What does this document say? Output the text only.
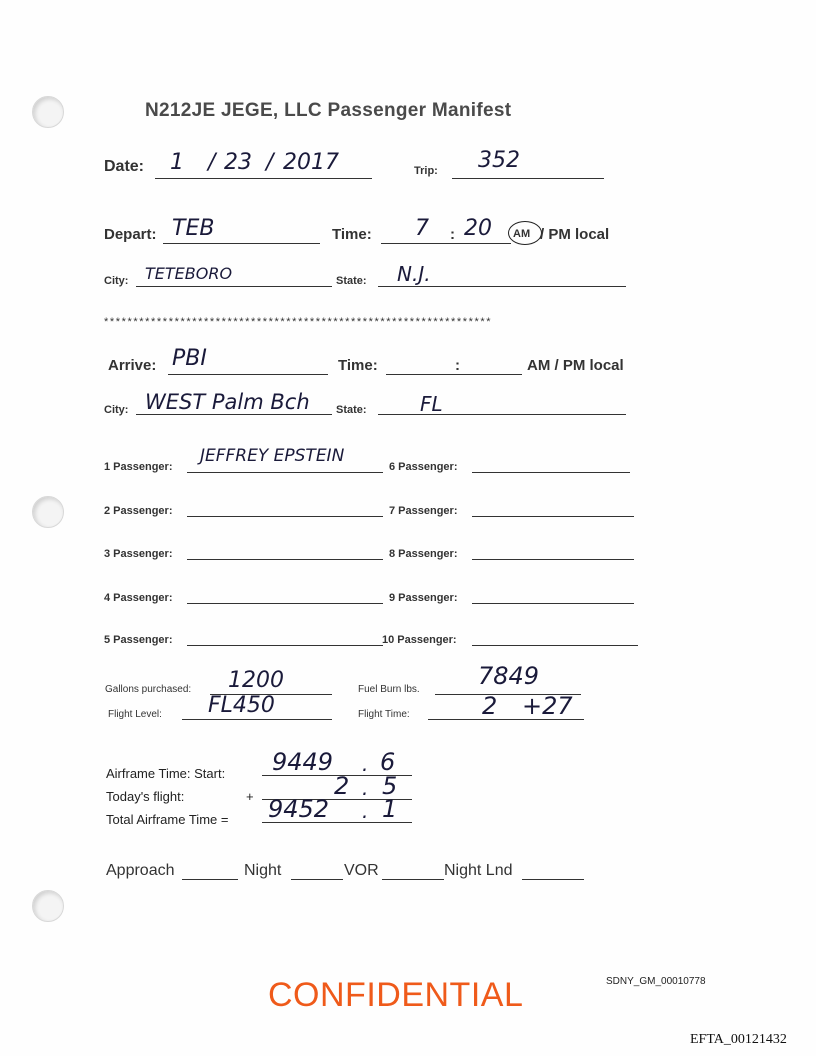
N212JE JEGE, LLC Passenger Manifest
Date: 1 / 23 / 2017	Trip: 352
Depart: TEB	Time: 7 : 20 AM / PM local
City: TETEBORO	State: N.J.
******************************************************************
Arrive: PBI	Time:	:	AM / PM local
City: WEST Palm Bch State:	FL
1 Passenger:
JEFFREY EPSTEIN
2 Passenger:
3 Passenger:
4 Passenger:
5 Passenger:
6 Passenger:
7 Passenger:
8 Passenger:
9 Passenger:
10 Passenger:
Gallons purchased: 1200	Fuel Burn lbs. 7849
Flight Level: FL450	Flight Time:	2 +27
Airframe Time: Start: 9449 . 6
Today's flight:	+	2 . 5
Total Airframe Time = 9452 . 1
Approach	Night	VOR	Night Lnd
CONFIDENTIAL	SDNY_GM_00010778
EFTA_00121432
